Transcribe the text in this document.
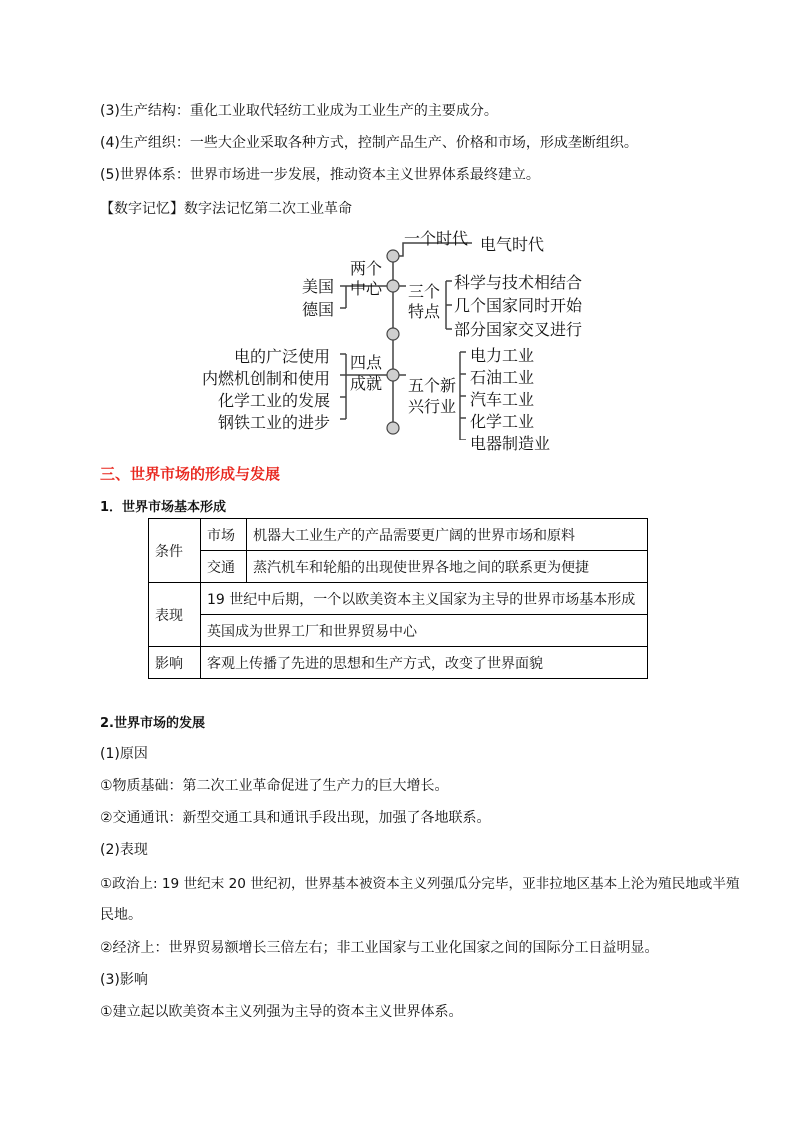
(3)生产结构：重化工业取代轻纺工业成为工业生产的主要成分。
(4)生产组织：一些大企业采取各种方式，控制产品生产、价格和市场，形成垄断组织。
(5)世界体系：世界市场进一步发展，推动资本主义世界体系最终建立。
【数字记忆】数字法记忆第二次工业革命
一个时代 电气时代
两个
中心
美国
德国
三个
特点
科学与技术相结合
几个国家同时开始
部分国家交叉进行
四点
成就
电的广泛使用
内燃机创制和使用
化学工业的发展
钢铁工业的进步
五个新
兴行业
电力工业
石油工业
汽车工业
化学工业
电器制造业
三、世界市场的形成与发展
1．世界市场基本形成
条件	市场	机器大工业生产的产品需要更广阔的世界市场和原料
	交通	蒸汽机车和轮船的出现使世界各地之间的联系更为便捷
表现	19 世纪中后期，一个以欧美资本主义国家为主导的世界市场基本形成	
	英国成为世界工厂和世界贸易中心	
影响	客观上传播了先进的思想和生产方式，改变了世界面貌	
2.世界市场的发展
(1)原因
①物质基础：第二次工业革命促进了生产力的巨大增长。
②交通通讯：新型交通工具和通讯手段出现，加强了各地联系。
(2)表现
①政治上: 19 世纪末 20 世纪初，世界基本被资本主义列强瓜分完毕，亚非拉地区基本上沦为殖民地或半殖
民地。
②经济上：世界贸易额增长三倍左右；非工业国家与工业化国家之间的国际分工日益明显。
(3)影响
①建立起以欧美资本主义列强为主导的资本主义世界体系。
